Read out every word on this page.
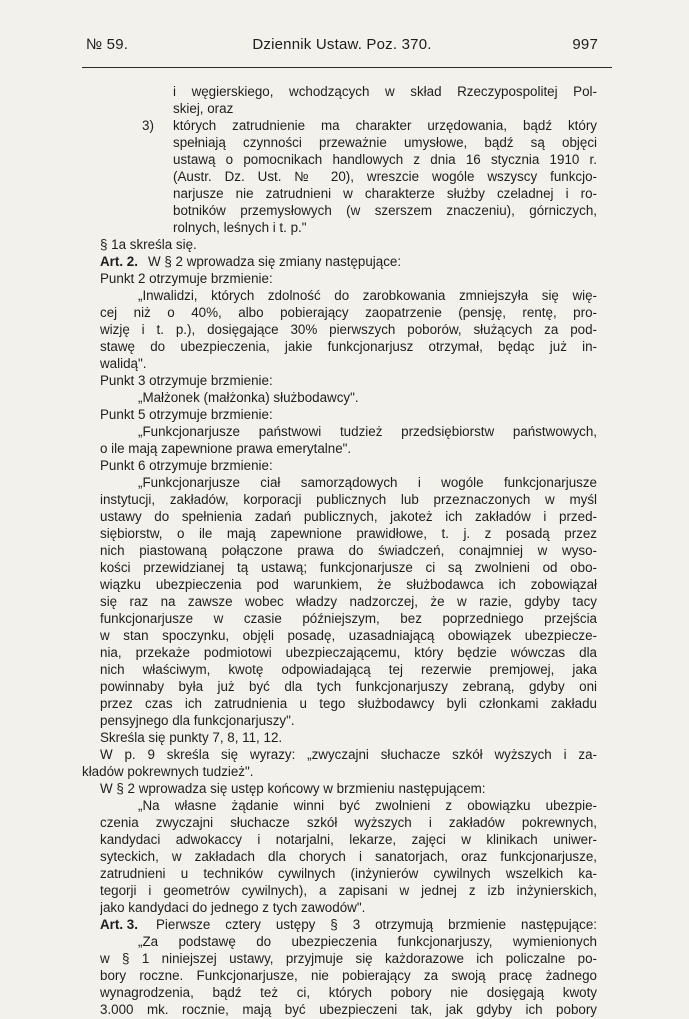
№ 59.	Dziennik Ustaw. Poz. 370.	997
i węgierskiego, wchodzących w skład Rzeczypospolitej Pol-
skiej, oraz
3) których zatrudnienie ma charakter urzędowania, bądź który
spełniają czynności przeważnie umysłowe, bądź są objęci
ustawą o pomocnikach handlowych z dnia 16 stycznia 1910 r.
(Austr. Dz. Ust. № 20), wreszcie wogóle wszyscy funkcjo-
narjusze nie zatrudnieni w charakterze służby czeladnej i ro-
botników przemysłowych (w szerszem znaczeniu), górniczych,
rolnych, leśnych i t. p."
§ 1a skreśla się.
Art. 2. W § 2 wprowadza się zmiany następujące:
Punkt 2 otrzymuje brzmienie:
„Inwalidzi, których zdolność do zarobkowania zmniejszyła się wię-
cej niż o 40%, albo pobierający zaopatrzenie (pensję, rentę, pro-
wizję i t. p.), dosięgające 30% pierwszych poborów, służących za pod-
stawę do ubezpieczenia, jakie funkcjonarjusz otrzymał, będąc już in-
walidą".
Punkt 3 otrzymuje brzmienie:
„Małżonek (małżonka) służbodawcy".
Punkt 5 otrzymuje brzmienie:
„Funkcjonarjusze państwowi tudzież przedsiębiorstw państwowych,
o ile mają zapewnione prawa emerytalne".
Punkt 6 otrzymuje brzmienie:
„Funkcjonarjusze ciał samorządowych i wogóle funkcjonarjusze
instytucji, zakładów, korporacji publicznych lub przeznaczonych w myśl
ustawy do spełnienia zadań publicznych, jakoteż ich zakładów i przed-
siębiorstw, o ile mają zapewnione prawidłowe, t. j. z posadą przez
nich piastowaną połączone prawa do świadczeń, conajmniej w wyso-
kości przewidzianej tą ustawą; funkcjonarjusze ci są zwolnieni od obo-
wiązku ubezpieczenia pod warunkiem, że służbodawca ich zobowiązał
się raz na zawsze wobec władzy nadzorczej, że w razie, gdyby tacy
funkcjonarjusze w czasie późniejszym, bez poprzedniego przejścia
w stan spoczynku, objęli posadę, uzasadniającą obowiązek ubezpiecze-
nia, przekaże podmiotowi ubezpieczającemu, który będzie wówczas dla
nich właściwym, kwotę odpowiadającą tej rezerwie premjowej, jaka
powinnaby była już być dla tych funkcjonarjuszy zebraną, gdyby oni
przez czas ich zatrudnienia u tego służbodawcy byli członkami zakładu
pensyjnego dla funkcjonarjuszy".
Skreśla się punkty 7, 8, 11, 12.
W p. 9 skreśla się wyrazy: „zwyczajni słuchacze szkół wyższych i za-
kładów pokrewnych tudzież".
W § 2 wprowadza się ustęp końcowy w brzmieniu następującem:
„Na własne żądanie winni być zwolnieni z obowiązku ubezpie-
czenia zwyczajni słuchacze szkół wyższych i zakładów pokrewnych,
kandydaci adwokaccy i notarjalni, lekarze, zajęci w klinikach uniwer-
syteckich, w zakładach dla chorych i sanatorjach, oraz funkcjonarjusze,
zatrudnieni u techników cywilnych (inżynierów cywilnych wszelkich ka-
tegorji i geometrów cywilnych), a zapisani w jednej z izb inżynierskich,
jako kandydaci do jednego z tych zawodów".
Art. 3. Pierwsze cztery ustępy § 3 otrzymują brzmienie następujące:
„Za podstawę do ubezpieczenia funkcjonarjuszy, wymienionych
w § 1 niniejszej ustawy, przyjmuje się każdorazowe ich policzalne po-
bory roczne. Funkcjonarjusze, nie pobierający za swoją pracę żadnego
wynagrodzenia, bądź też ci, których pobory nie dosięgają kwoty
3.000 mk. rocznie, mają być ubezpieczeni tak, jak gdyby ich pobory
